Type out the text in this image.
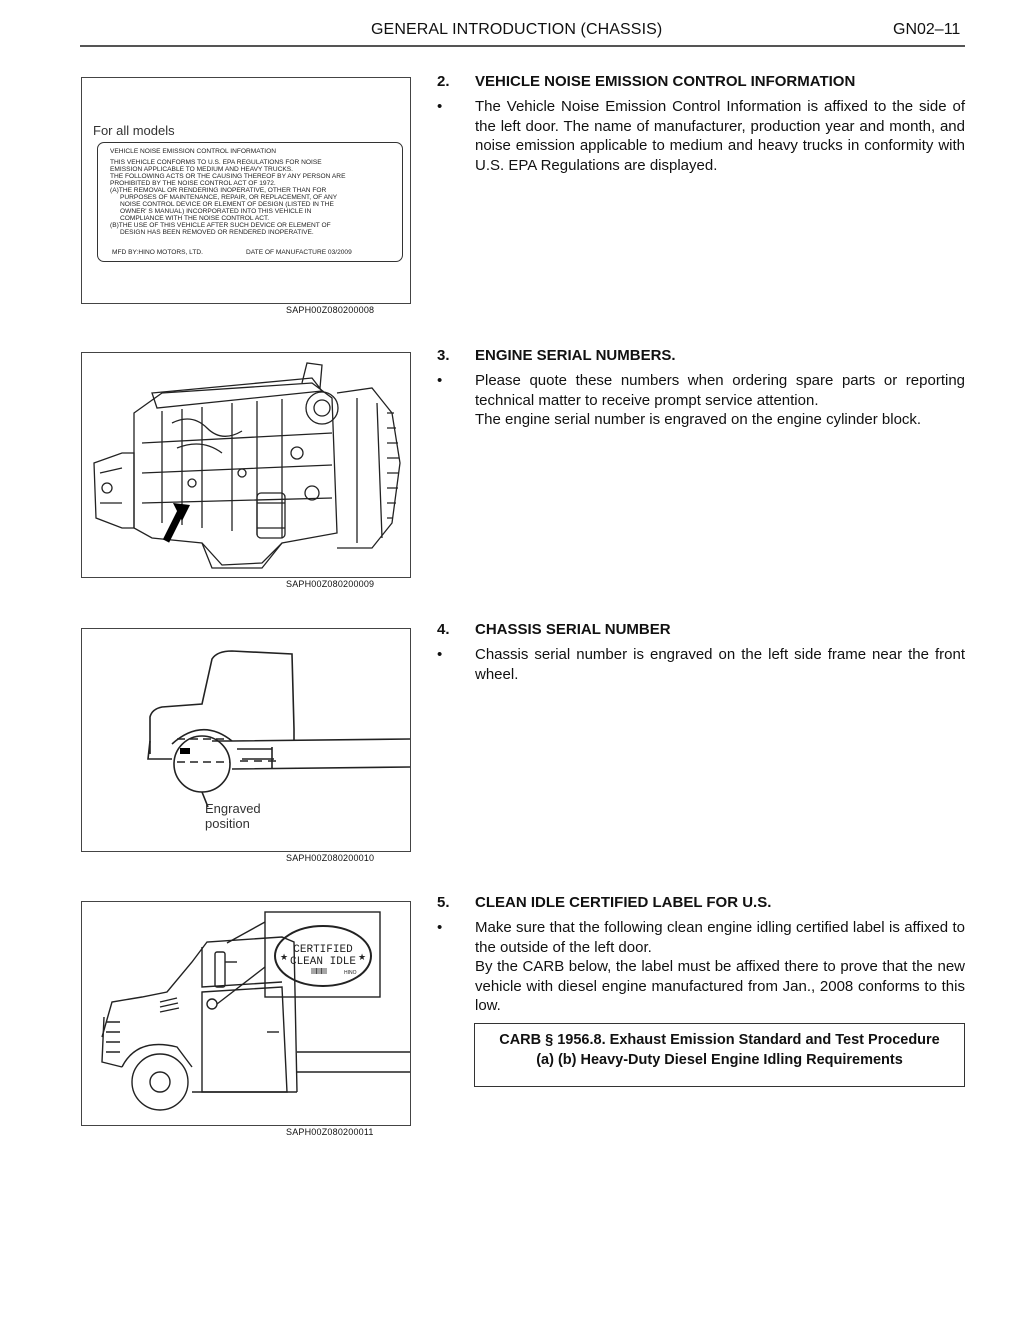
GENERAL INTRODUCTION (CHASSIS)	GN02–11
For all models
VEHICLE NOISE EMISSION CONTROL INFORMATION
THIS VEHICLE CONFORMS TO U.S. EPA REGULATIONS FOR NOISE
EMISSION APPLICABLE TO MEDIUM AND HEAVY TRUCKS.
THE FOLLOWING ACTS OR THE CAUSING THEREOF BY ANY PERSON ARE
PROHIBITED BY THE NOISE CONTROL ACT OF 1972.
(A)THE REMOVAL OR RENDERING INOPERATIVE, OTHER THAN FOR
PURPOSES OF MAINTENANCE, REPAIR, OR REPLACEMENT, OF ANY
NOISE CONTROL DEVICE OR ELEMENT OF DESIGN (LISTED IN THE
OWNER' S MANUAL) INCORPORATED INTO THIS VEHICLE IN
COMPLIANCE WITH THE NOISE CONTROL ACT.
(B)THE USE OF THIS VEHICLE AFTER SUCH DEVICE OR ELEMENT OF
DESIGN HAS BEEN REMOVED OR RENDERED INOPERATIVE.
MFD BY:HINO MOTORS, LTD.	DATE OF MANUFACTURE 03/2009
SAPH00Z080200008
SAPH00Z080200009
Engraved
position
SAPH00Z080200010
CERTIFIED
CLEAN IDLE
HINO
★	★
SAPH00Z080200011
2. VEHICLE NOISE EMISSION CONTROL INFORMATION
• The Vehicle Noise Emission Control Information is affixed to the side of the left door. The name of manufacturer, production year and month, and noise emission applicable to medium and heavy trucks in conformity with U.S. EPA Regulations are displayed.
3. ENGINE SERIAL NUMBERS.
• Please quote these numbers when ordering spare parts or reporting technical matter to receive prompt service attention.
The engine serial number is engraved on the engine cylinder block.
4. CHASSIS SERIAL NUMBER
• Chassis serial number is engraved on the left side frame near the front wheel.
5. CLEAN IDLE CERTIFIED LABEL FOR U.S.
• Make sure that the following clean engine idling certified label is affixed to the outside of the left door.
By the CARB below, the label must be affixed there to prove that the new vehicle with diesel engine manufactured from Jan., 2008 conforms to this low.
CARB § 1956.8. Exhaust Emission Standard and Test Procedure
(a) (b) Heavy-Duty Diesel Engine Idling Requirements
